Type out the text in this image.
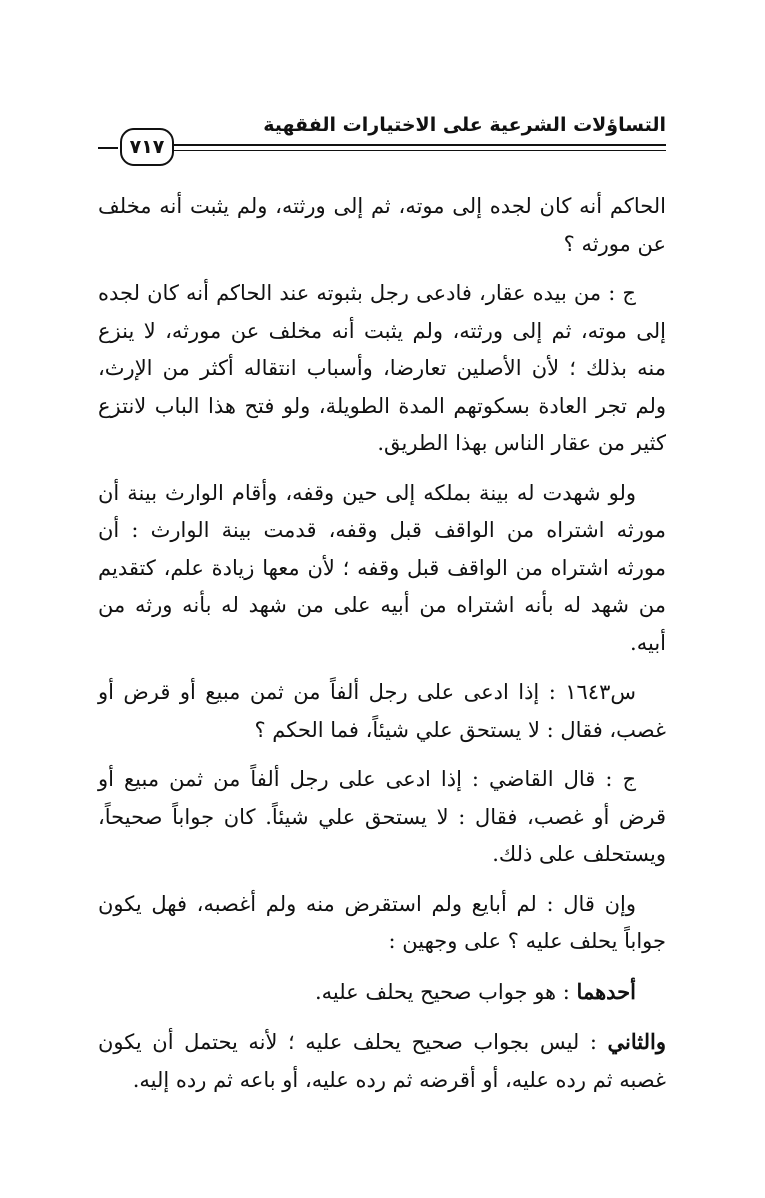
التساؤلات الشرعية على الاختيارات الفقهية
٧١٧

الحاكم أنه كان لجده إلى موته، ثم إلى ورثته، ولم يثبت أنه مخلف عن مورثه ؟

ج : من بيده عقار، فادعى رجل بثبوته عند الحاكم أنه كان لجده إلى موته، ثم إلى ورثته، ولم يثبت أنه مخلف عن مورثه، لا ينزع منه بذلك ؛ لأن الأصلين تعارضا، وأسباب انتقاله أكثر من الإرث، ولم تجر العادة بسكوتهم المدة الطويلة، ولو فتح هذا الباب لانتزع كثير من عقار الناس بهذا الطريق.

ولو شهدت له بينة بملكه إلى حين وقفه، وأقام الوارث بينة أن مورثه اشتراه من الواقف قبل وقفه، قدمت بينة الوارث : أن مورثه اشتراه من الواقف قبل وقفه ؛ لأن معها زيادة علم، كتقديم من شهد له بأنه اشتراه من أبيه على من شهد له بأنه ورثه من أبيه.

س١٦٤٣ : إذا ادعى على رجل ألفاً من ثمن مبيع أو قرض أو غصب، فقال : لا يستحق علي شيئاً، فما الحكم ؟

ج : قال القاضي : إذا ادعى على رجل ألفاً من ثمن مبيع أو قرض أو غصب، فقال : لا يستحق علي شيئاً. كان جواباً صحيحاً، ويستحلف على ذلك.

وإن قال : لم أبايع ولم استقرض منه ولم أغصبه، فهل يكون جواباً يحلف عليه ؟ على وجهين :

أحدهما : هو جواب صحيح يحلف عليه.

والثاني : ليس بجواب صحيح يحلف عليه ؛ لأنه يحتمل أن يكون غصبه ثم رده عليه، أو أقرضه ثم رده عليه، أو باعه ثم رده إليه.
